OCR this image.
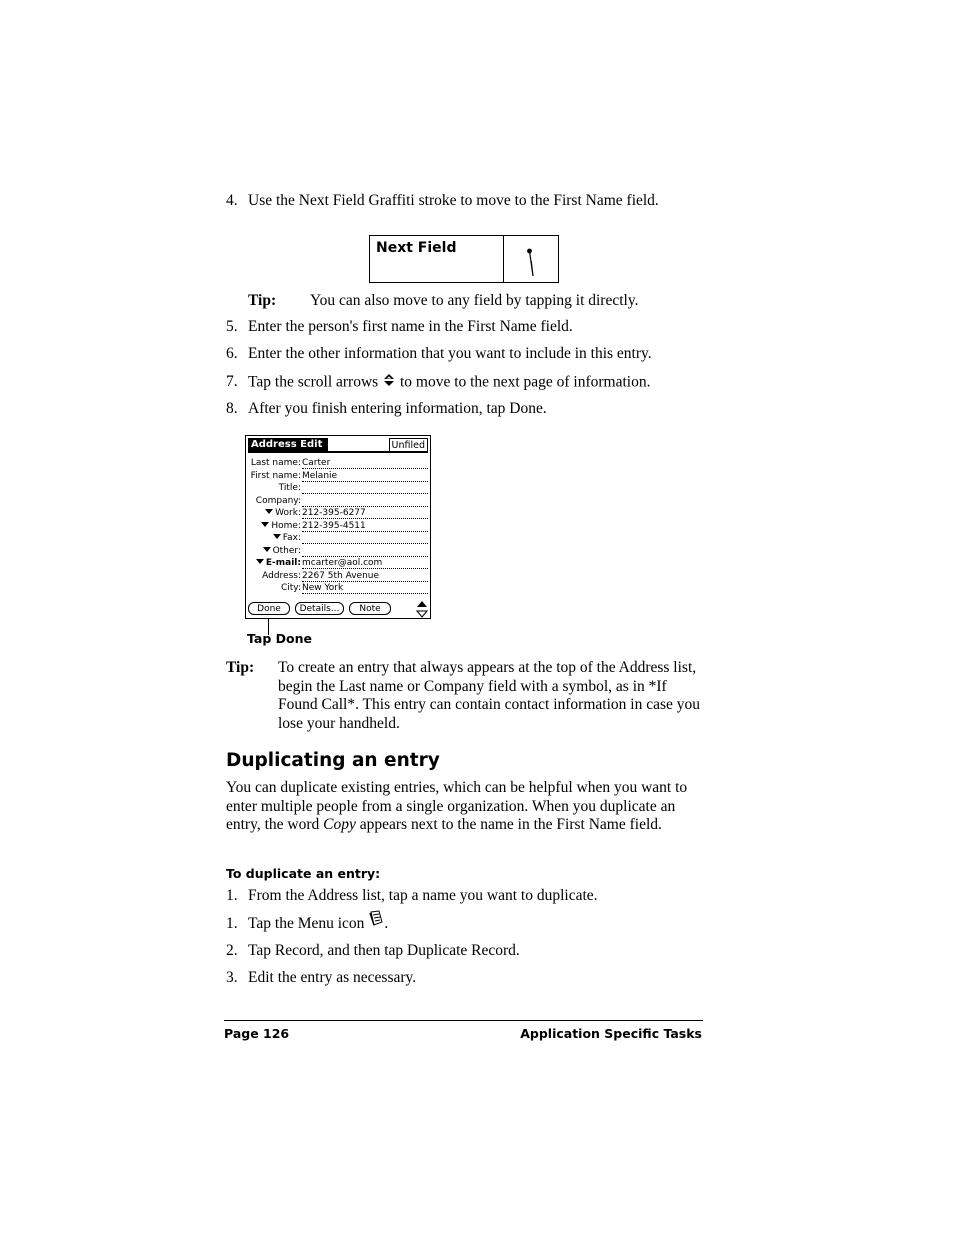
4. Use the Next Field Graffiti stroke to move to the First Name field.
Next Field
Tip: You can also move to any field by tapping it directly.
5. Enter the person's first name in the First Name field.
6. Enter the other information that you want to include in this entry.
7. Tap the scroll arrows to move to the next page of information.
8. After you finish entering information, tap Done.
Address Edit	Unfiled
Last name: Carter
First name: Melanie
Title:
Company:
Work: 212-395-6277
Home: 212-395-4511
Fax:
Other:
E-mail: mcarter@aol.com
Address: 2267 5th Avenue
City: New York
Done	Details...	Note
Tap Done
Tip: To create an entry that always appears at the top of the Address list, begin the Last name or Company field with a symbol, as in *If Found Call*. This entry can contain contact information in case you lose your handheld.
Duplicating an entry
You can duplicate existing entries, which can be helpful when you want to enter multiple people from a single organization. When you duplicate an entry, the word Copy appears next to the name in the First Name field.
To duplicate an entry:
1. From the Address list, tap a name you want to duplicate.
1. Tap the Menu icon .
2. Tap Record, and then tap Duplicate Record.
3. Edit the entry as necessary.
Page 126	Application Specific Tasks
